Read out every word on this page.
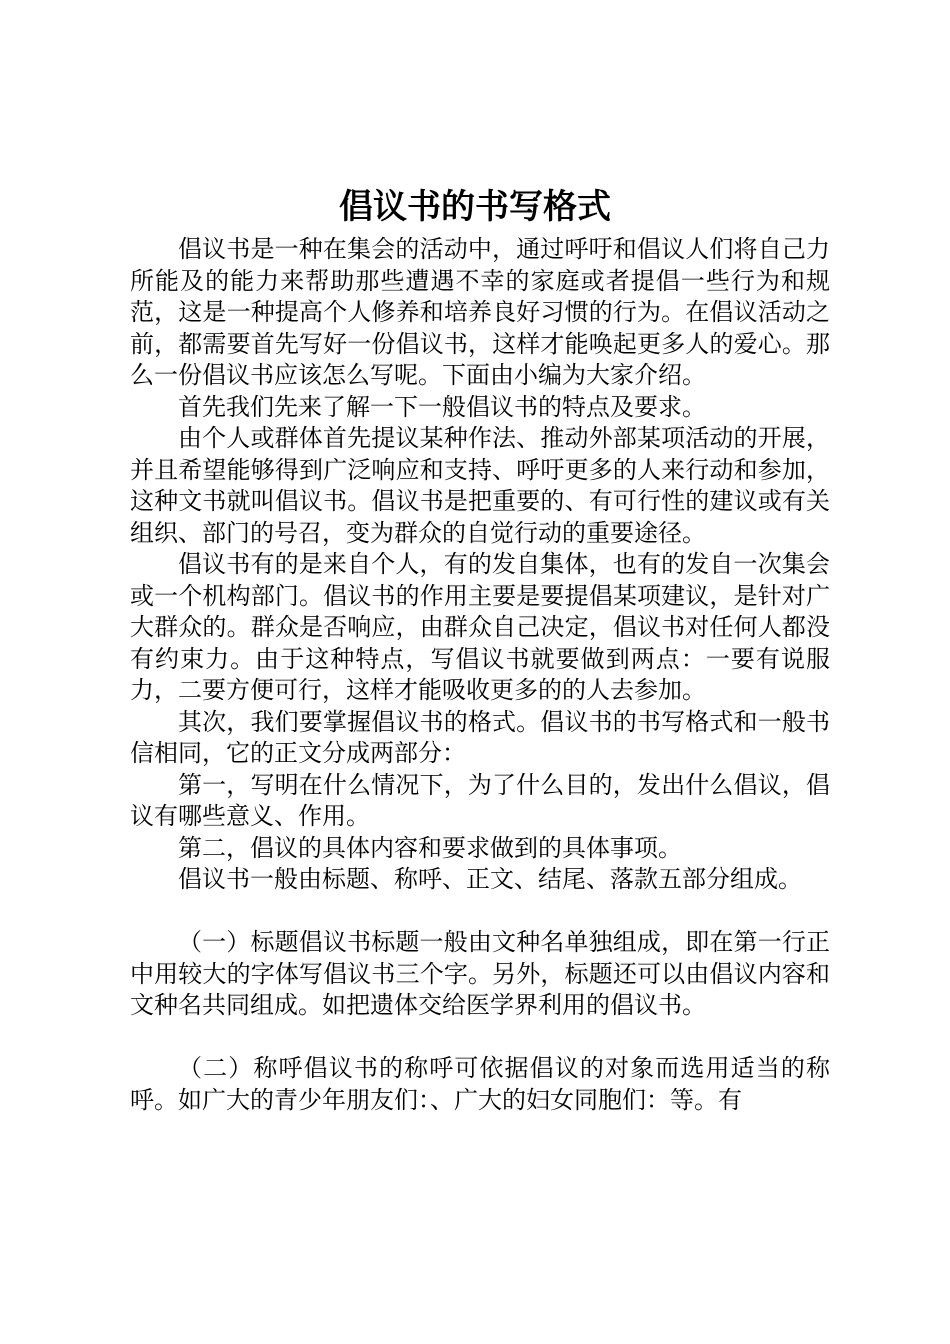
倡议书的书写格式

倡议书是一种在集会的活动中，通过呼吁和倡议人们将自己力所能及的能力来帮助那些遭遇不幸的家庭或者提倡一些行为和规范，这是一种提高个人修养和培养良好习惯的行为。在倡议活动之前，都需要首先写好一份倡议书，这样才能唤起更多人的爱心。那么一份倡议书应该怎么写呢。下面由小编为大家介绍。

首先我们先来了解一下一般倡议书的特点及要求。

由个人或群体首先提议某种作法、推动外部某项活动的开展，并且希望能够得到广泛响应和支持、呼吁更多的人来行动和参加，这种文书就叫倡议书。倡议书是把重要的、有可行性的建议或有关组织、部门的号召，变为群众的自觉行动的重要途径。

倡议书有的是来自个人，有的发自集体，也有的发自一次集会或一个机构部门。倡议书的作用主要是要提倡某项建议，是针对广大群众的。群众是否响应，由群众自己决定，倡议书对任何人都没有约束力。由于这种特点，写倡议书就要做到两点：一要有说服力，二要方便可行，这样才能吸收更多的的人去参加。

其次，我们要掌握倡议书的格式。倡议书的书写格式和一般书信相同，它的正文分成两部分：

第一，写明在什么情况下，为了什么目的，发出什么倡议，倡议有哪些意义、作用。

第二，倡议的具体内容和要求做到的具体事项。

倡议书一般由标题、称呼、正文、结尾、落款五部分组成。

（一）标题倡议书标题一般由文种名单独组成，即在第一行正中用较大的字体写倡议书三个字。另外，标题还可以由倡议内容和文种名共同组成。如把遗体交给医学界利用的倡议书。

（二）称呼倡议书的称呼可依据倡议的对象而选用适当的称呼。如广大的青少年朋友们：、广大的妇女同胞们：等。有
